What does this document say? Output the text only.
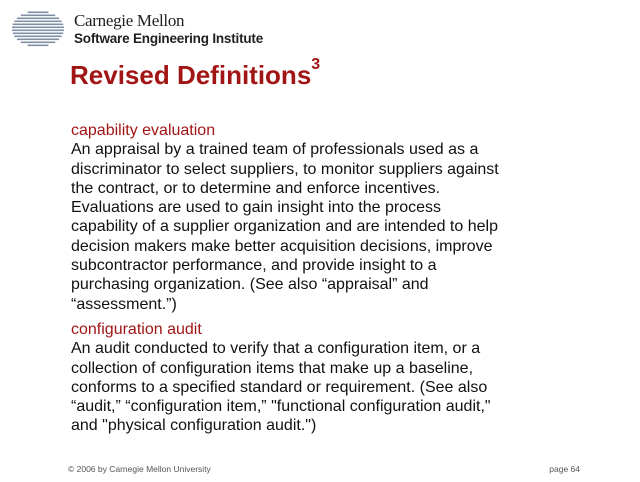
Carnegie Mellon
Software Engineering Institute
Revised Definitions$^3$
capability evaluation

An appraisal by a trained team of professionals used as a
discriminator to select suppliers, to monitor suppliers against
the contract, or to determine and enforce incentives.
Evaluations are used to gain insight into the process
capability of a supplier organization and are intended to help
decision makers make better acquisition decisions, improve
subcontractor performance, and provide insight to a
purchasing organization. (See also “appraisal” and
“assessment.”)

configuration audit

An audit conducted to verify that a configuration item, or a
collection of configuration items that make up a baseline,
conforms to a specified standard or requirement. (See also
“audit,” “configuration item,” "functional configuration audit,"
and "physical configuration audit.")

© 2006 by Carnegie Mellon University	page 64
